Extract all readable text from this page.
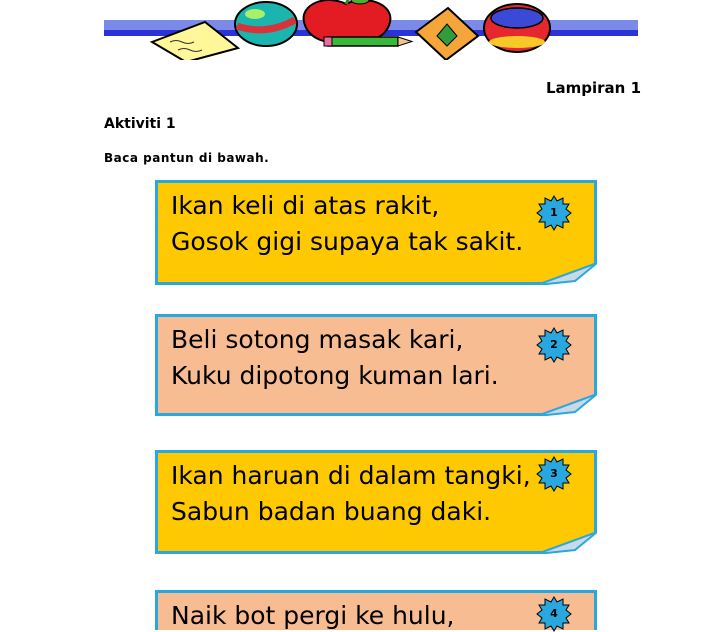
Lampiran 1
Aktiviti 1
Baca pantun di bawah.
Ikan keli di atas rakit,
Gosok gigi supaya tak sakit.
1
Beli sotong masak kari,
Kuku dipotong kuman lari.
2
Ikan haruan di dalam tangki,
Sabun badan buang daki.
3
Naik bot pergi ke hulu,	4
